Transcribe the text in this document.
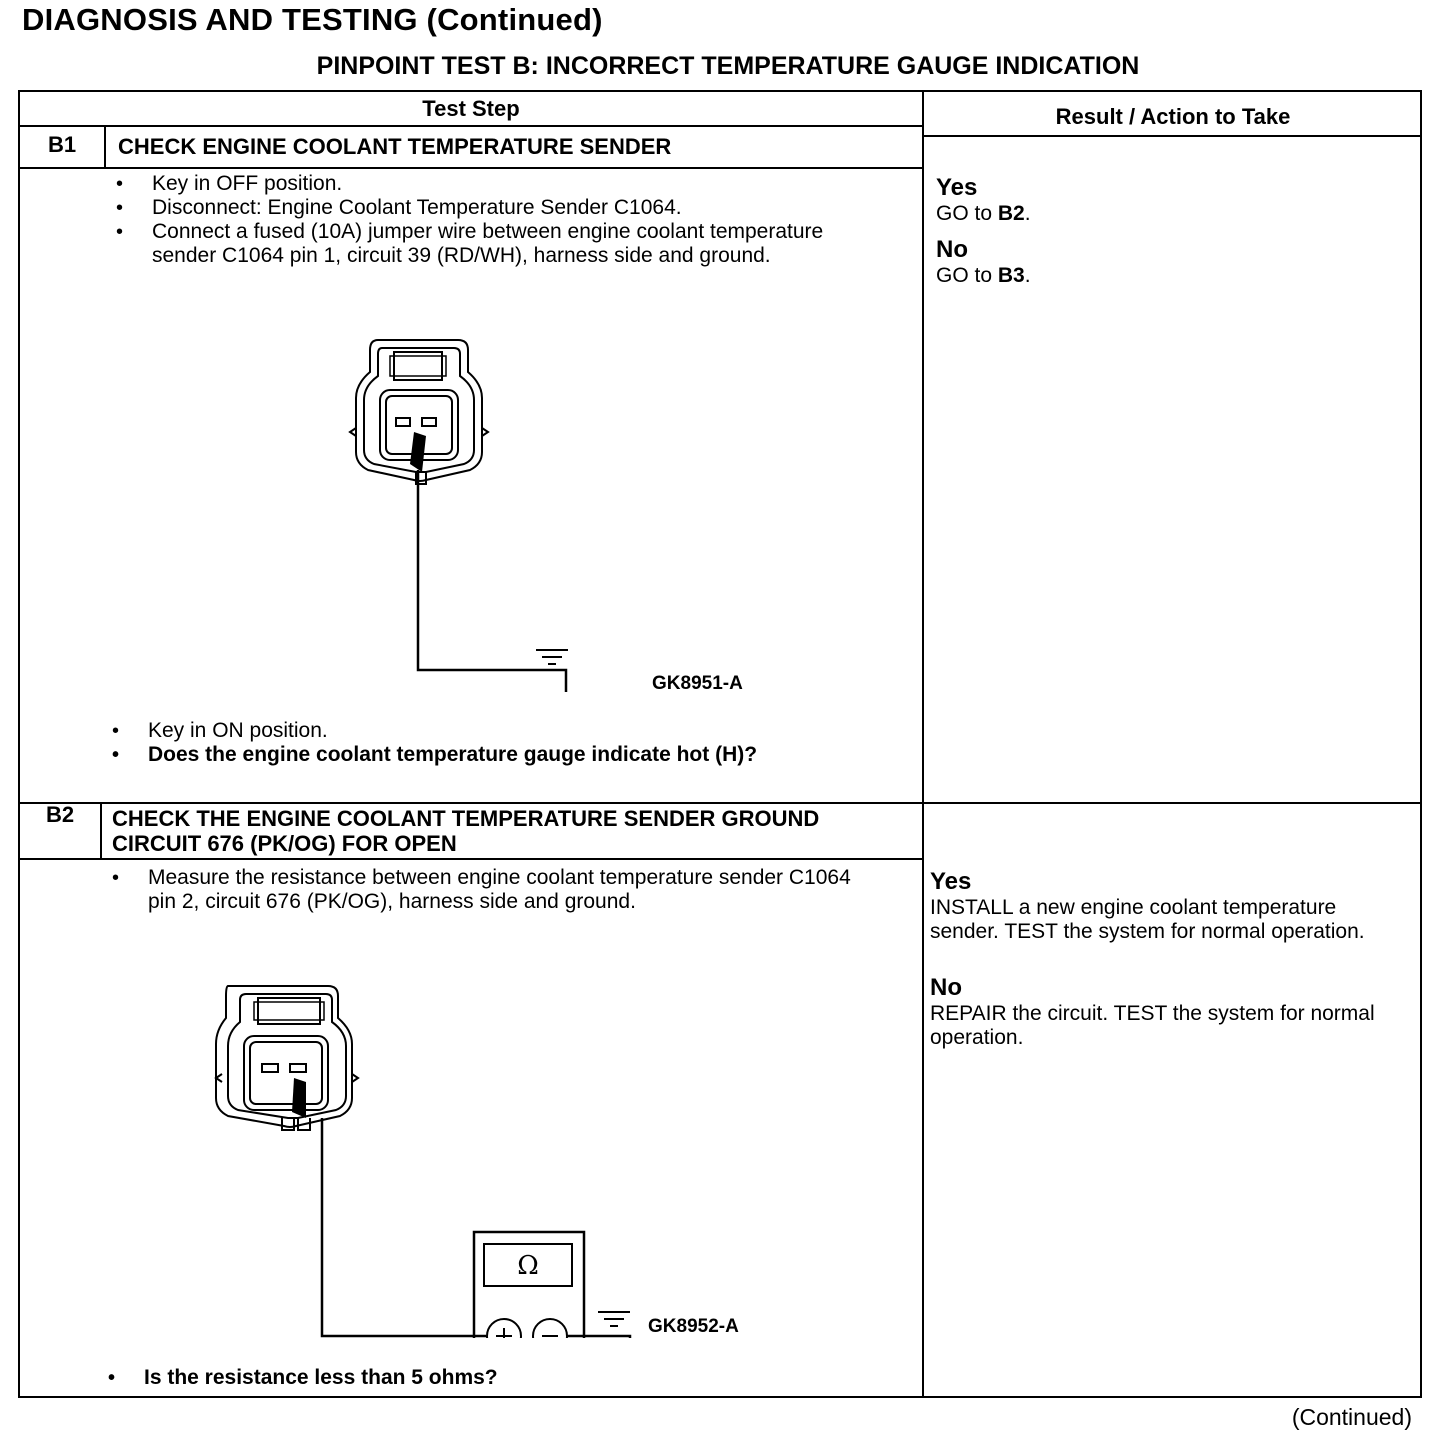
DIAGNOSIS AND TESTING (Continued)
PINPOINT TEST B: INCORRECT TEMPERATURE GAUGE INDICATION
Test Step	Result / Action to Take
B1	CHECK ENGINE COOLANT TEMPERATURE SENDER

• Key in OFF position.
• Disconnect: Engine Coolant Temperature Sender C1064.
• Connect a fused (10A) jumper wire between engine coolant temperature sender C1064 pin 1, circuit 39 (RD/WH), harness side and ground.
GK8951-A
• Key in ON position.
• Does the engine coolant temperature gauge indicate hot (H)?
Yes
GO to B2.
No
GO to B3.
B2	CHECK THE ENGINE COOLANT TEMPERATURE SENDER GROUND CIRCUIT 676 (PK/OG) FOR OPEN

• Measure the resistance between engine coolant temperature sender C1064 pin 2, circuit 676 (PK/OG), harness side and ground.
Ω
GK8952-A
• Is the resistance less than 5 ohms?
Yes
INSTALL a new engine coolant temperature sender. TEST the system for normal operation.
No
REPAIR the circuit. TEST the system for normal operation.
(Continued)
